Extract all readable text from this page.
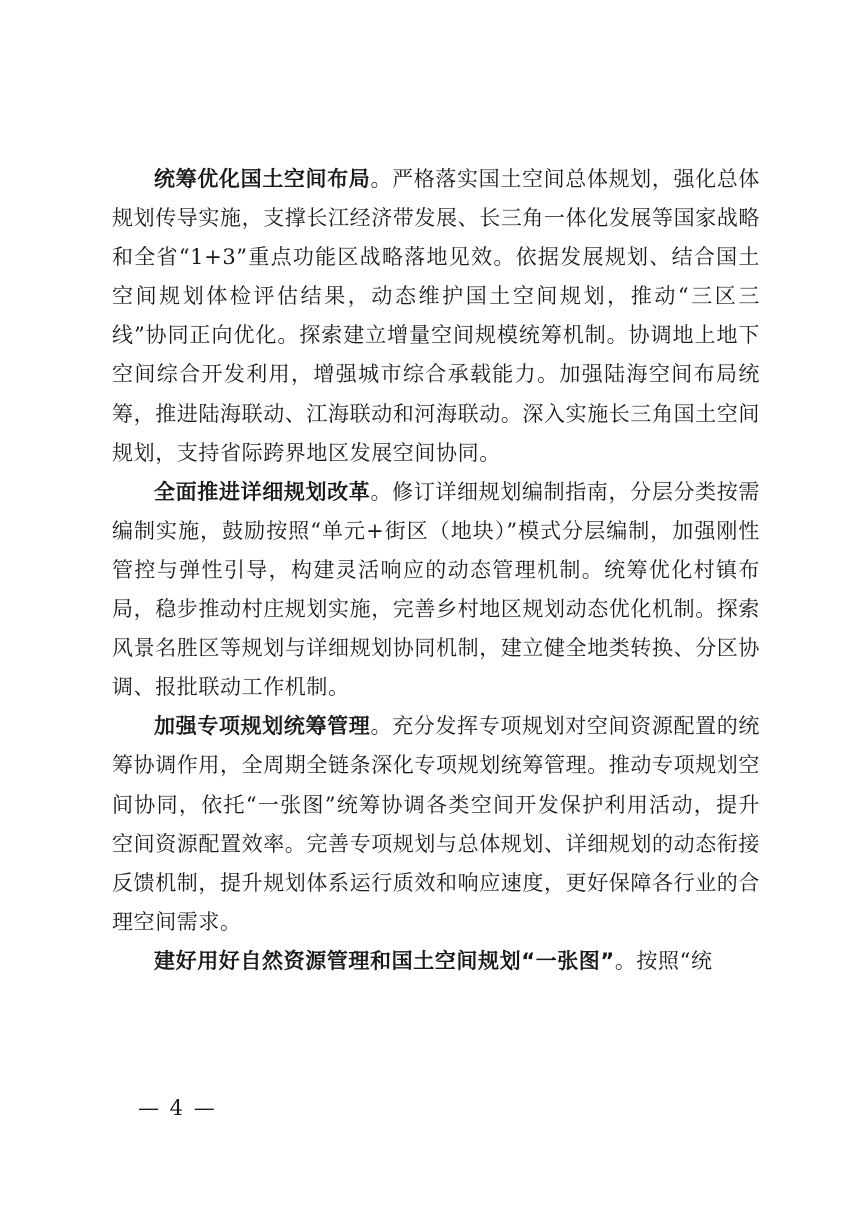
统筹优化国土空间布局。严格落实国土空间总体规划，强化总体规划传导实施，支撑长江经济带发展、长三角一体化发展等国家战略和全省“1+3”重点功能区战略落地见效。依据发展规划、结合国土空间规划体检评估结果，动态维护国土空间规划，推动“三区三线”协同正向优化。探索建立增量空间规模统筹机制。协调地上地下空间综合开发利用，增强城市综合承载能力。加强陆海空间布局统筹，推进陆海联动、江海联动和河海联动。深入实施长三角国土空间规划，支持省际跨界地区发展空间协同。

全面推进详细规划改革。修订详细规划编制指南，分层分类按需编制实施，鼓励按照“单元+街区（地块）”模式分层编制，加强刚性管控与弹性引导，构建灵活响应的动态管理机制。统筹优化村镇布局，稳步推动村庄规划实施，完善乡村地区规划动态优化机制。探索风景名胜区等规划与详细规划协同机制，建立健全地类转换、分区协调、报批联动工作机制。

加强专项规划统筹管理。充分发挥专项规划对空间资源配置的统筹协调作用，全周期全链条深化专项规划统筹管理。推动专项规划空间协同，依托“一张图”统筹协调各类空间开发保护利用活动，提升空间资源配置效率。完善专项规划与总体规划、详细规划的动态衔接反馈机制，提升规划体系运行质效和响应速度，更好保障各行业的合理空间需求。

建好用好自然资源管理和国土空间规划“一张图”。按照“统

— 4 —
